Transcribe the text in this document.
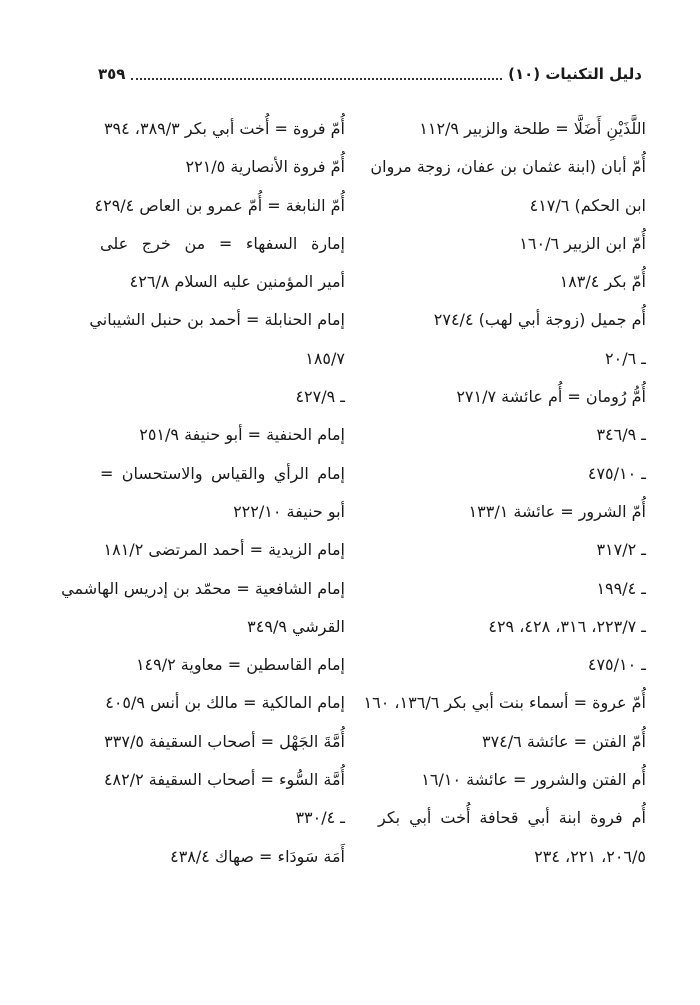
دليل التكنيات (١٠)
٣٥٩
اللَّذَيْنِ أَضَلَّا = طلحة والزبير ١١٢/٩
أُمّ أبان (ابنة عثمان بن عفان، زوجة مروان
ابن الحكم) ٤١٧/٦
أُمّ ابن الزبير ١٦٠/٦
أُمّ بكر ١٨٣/٤
أُم جميل (زوجة أبي لهب) ٢٧٤/٤
ـ ٢٠/٦
أُمُّ رُومان = أُم عائشة ٢٧١/٧
ـ ٣٤٦/٩
ـ ٤٧٥/١٠
أُمّ الشرور = عائشة ١٣٣/١
ـ ٣١٧/٢
ـ ١٩٩/٤
ـ ٢٢٣/٧، ٣١٦، ٤٢٨، ٤٢٩
ـ ٤٧٥/١٠
أُمّ عروة = أسماء بنت أبي بكر ١٣٦/٦، ١٦٠
أُمّ الفتن = عائشة ٣٧٤/٦
أُم الفتن والشرور = عائشة ١٦/١٠
أُم فروة ابنة أبي قحافة أُخت أبي بكر
٢٠٦/٥، ٢٢١، ٢٣٤
أُمّ فروة = أُخت أبي بكر ٣٨٩/٣، ٣٩٤
أُمّ فروة الأنصارية ٢٢١/٥
أُمّ النابغة = أُمّ عمرو بن العاص ٤٢٩/٤
إمارة السفهاء = من خرج على
أمير المؤمنين عليه السلام ٤٢٦/٨
إمام الحنابلة = أحمد بن حنبل الشيباني
١٨٥/٧
ـ ٤٢٧/٩
إمام الحنفية = أبو حنيفة ٢٥١/٩
إمام الرأي والقياس والاستحسان =
أبو حنيفة ٢٢٢/١٠
إمام الزيدية = أحمد المرتضى ١٨١/٢
إمام الشافعية = محمّد بن إدريس الهاشمي
القرشي ٣٤٩/٩
إمام القاسطين = معاوية ١٤٩/٢
إمام المالكية = مالك بن أنس ٤٠٥/٩
أُمَّةَ الجَهْل = أصحاب السقيفة ٣٣٧/٥
أُمَّة السُّوء = أصحاب السقيفة ٤٨٢/٢
ـ ٣٣٠/٤
أَمَة سَودَاء = صهاك ٤٣٨/٤
